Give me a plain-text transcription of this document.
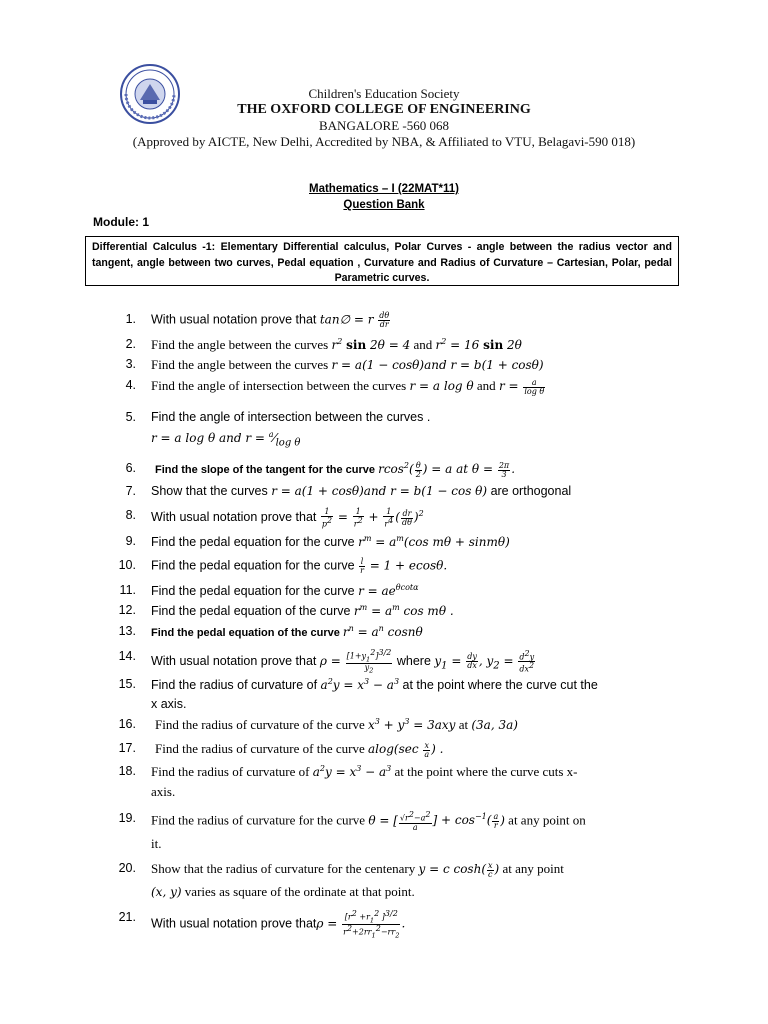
Children's Education Society
THE OXFORD COLLEGE OF ENGINEERING
BANGALORE -560 068
(Approved by AICTE, New Delhi, Accredited by NBA, & Affiliated to VTU, Belagavi-590 018)
Mathematics – I (22MAT*11)
Question Bank
Module: 1
Differential Calculus -1: Elementary Differential calculus, Polar Curves - angle between the radius vector and tangent, angle between two curves, Pedal equation , Curvature and Radius of Curvature – Cartesian, Polar, pedal Parametric curves.
1. With usual notation prove that tan∅ = r $\frac{d\theta}{dr}$
2. Find the angle between the curves $r^2$ sin 2θ = 4 and $r^2 = 16$ sin 2θ
3. Find the angle between the curves r = a(1 − cosθ)and r = b(1 + cosθ)
4. Find the angle of intersection between the curves r = a log θ and $r = \frac{a}{\text{log θ}}$
5. Find the angle of intersection between the curves .
r = a log θ and $r = ^a⁄_{log \theta}$
6. Find the slope of the tangent for the curve $rcos^2( \frac{\theta}{2}$ ) = a at $\theta = \frac{2\pi}{3}$ .
7. Show that the curves r = a(1 + cosθ)and r = b(1 − cos θ) are orthogonal
8. With usual notation prove that $\frac{1}{p^2} = \frac{1}{r^2} + \frac{1}{r^4}$ ( $\frac{dr}{d\theta} )^2$
9. Find the pedal equation for the curve $r^m = a^m(\cos$ mθ + sinmθ)
10. Find the pedal equation for the curve $\frac{l}{r} = 1 + ecos\theta$.
11. Find the pedal equation for the curve $r = ae^{\theta cot\alpha}$
12. Find the pedal equation of the curve $r^m = a^m$ cos mθ .
13. Find the pedal equation of the curve $r^n = a^n$ cosnθ
14. With usual notation prove that $\rho = \frac{[1+y_1^2]^{3/2}}{y_2}$ where $y_1 = \frac{dy}{dx}$ , $y_2 = \frac{d^2y}{dx^2}$
15. Find the radius of curvature of $a^2y = x^3 - a^3$ at the point where the curve cut the
x axis.
16. Find the radius of curvature of the curve $x^3 + y^3 = 3axy$ at (3a, 3a)
17. Find the radius of curvature of the curve $alog(\sec \frac{x}{a}$ ) .
18. Find the radius of curvature of $a^2y = x^3 - a^3$ at the point where the curve cuts x-
axis.
19. Find the radius of curvature for the curve θ = [ $\frac{√r^2-a^2}{a}$ ] + $\cos^{-1}( \frac{a}{r}$ ) at any point on
it.
20. Show that the radius of curvature for the centenary y = c $\cosh( \frac{x}{c}$ ) at any point
(x, y) varies as square of the ordinate at that point.
21. With usual notation prove thatρ = $\frac{[r^2 +r_1^2 ]^{3/2}}{r^2+2rr_1^2-rr_2}$ .
